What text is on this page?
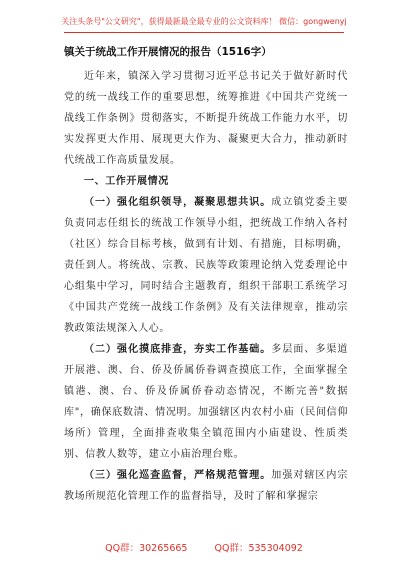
关注头条号"公文研究"，获得最新最全最专业的公文资料库！ 微信：gongwenyj
镇关于统战工作开展情况的报告（1516字）

近年来，镇深入学习贯彻习近平总书记关于做好新时代党的统一战线工作的重要思想，统筹推进《中国共产党统一战线工作条例》贯彻落实，不断提升统战工作能力水平，切实发挥更大作用、展现更大作为、凝聚更大合力，推动新时代统战工作高质量发展。

一、工作开展情况

（一）强化组织领导，凝聚思想共识。成立镇党委主要负责同志任组长的统战工作领导小组，把统战工作纳入各村（社区）综合目标考核，做到有计划、有措施，目标明确，责任到人。将统战、宗教、民族等政策理论纳入党委理论中心组集中学习，同时结合主题教育，组织干部职工系统学习《中国共产党统一战线工作条例》及有关法律规章，推动宗教政策法规深入人心。

（二）强化摸底排查，夯实工作基础。多层面、多渠道开展港、澳、台、侨及侨属侨眷调查摸底工作，全面掌握全镇港、澳、台、侨及侨属侨眷动态情况，不断完善"数据库"，确保底数清、情况明。加强辖区内农村小庙（民间信仰场所）管理，全面排查收集全镇范围内小庙建设、性质类别、信教人数等，建立小庙治理台账。

（三）强化巡查监督，严格规范管理。加强对辖区内宗教场所规范化管理工作的监督指导，及时了解和掌握宗

QQ群：30265665	QQ群：535304092
